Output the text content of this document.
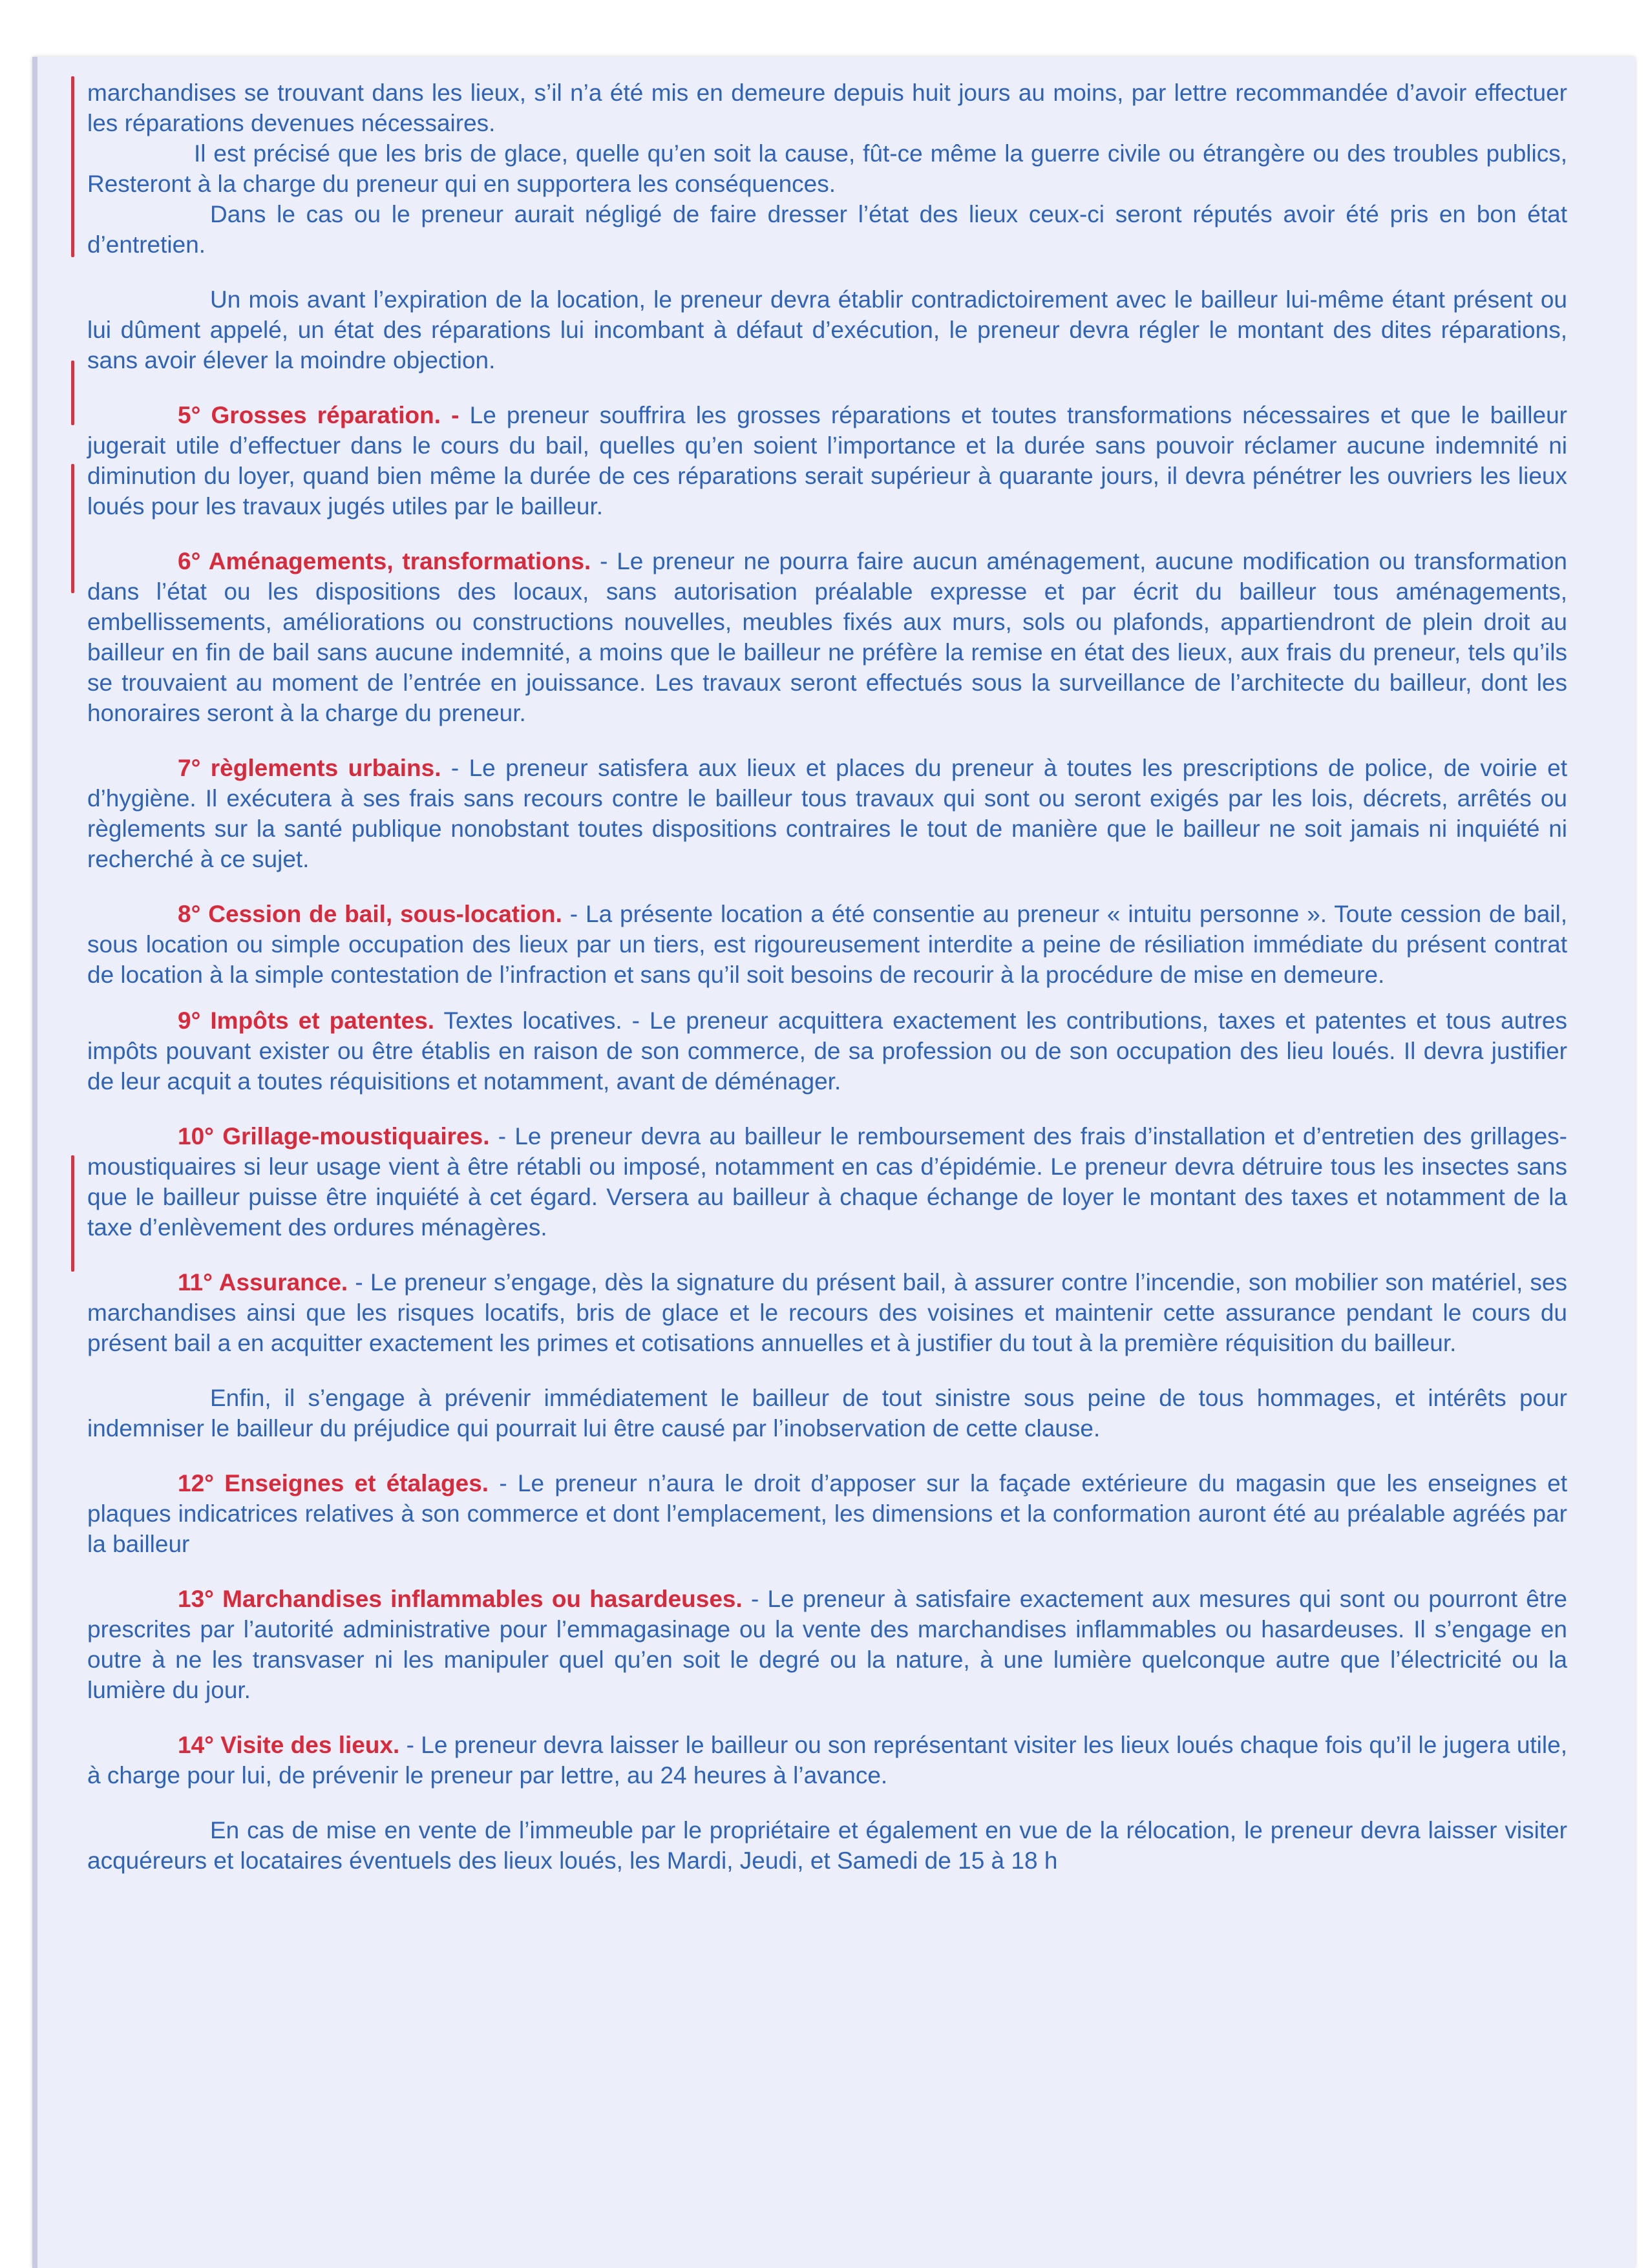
marchandises se trouvant dans les lieux, s’il n’a été mis en demeure depuis huit jours au moins, par lettre recommandée d’avoir effectuer les réparations devenues nécessaires.

Il est précisé que les bris de glace, quelle qu’en soit la cause, fût-ce même la guerre civile ou étrangère ou des troubles publics, Resteront à la charge du preneur qui en supportera les conséquences.

Dans le cas ou le preneur aurait négligé de faire dresser l’état des lieux ceux-ci seront réputés avoir été pris en bon état d’entretien.

Un mois avant l’expiration de la location, le preneur devra établir contradictoirement avec le bailleur lui-même étant présent ou lui dûment appelé, un état des réparations lui incombant à défaut d’exécution, le preneur devra régler le montant des dites réparations, sans avoir élever la moindre objection.

5° Grosses réparation. - Le preneur souffrira les grosses réparations et toutes transformations nécessaires et que le bailleur jugerait utile d’effectuer dans le cours du bail, quelles qu’en soient l’importance et la durée sans pouvoir réclamer aucune indemnité ni diminution du loyer, quand bien même la durée de ces réparations serait supérieur à quarante jours, il devra pénétrer les ouvriers les lieux loués pour les travaux jugés utiles par le bailleur.

6° Aménagements, transformations. - Le preneur ne pourra faire aucun aménagement, aucune modification ou transformation dans l’état ou les dispositions des locaux, sans autorisation préalable expresse et par écrit du bailleur tous aménagements, embellissements, améliorations ou constructions nouvelles, meubles fixés aux murs, sols ou plafonds, appartiendront de plein droit au bailleur en fin de bail sans aucune indemnité, a moins que le bailleur ne préfère la remise en état des lieux, aux frais du preneur, tels qu’ils se trouvaient au moment de l’entrée en jouissance. Les travaux seront effectués sous la surveillance de l’architecte du bailleur, dont les honoraires seront à la charge du preneur.

7° règlements urbains. - Le preneur satisfera aux lieux et places du preneur à toutes les prescriptions de police, de voirie et d’hygiène. Il exécutera à ses frais sans recours contre le bailleur tous travaux qui sont ou seront exigés par les lois, décrets, arrêtés ou règlements sur la santé publique nonobstant toutes dispositions contraires le tout de manière que le bailleur ne soit jamais ni inquiété ni recherché à ce sujet.

8° Cession de bail, sous-location. - La présente location a été consentie au preneur « intuitu personne ». Toute cession de bail, sous location ou simple occupation des lieux par un tiers, est rigoureusement interdite a peine de résiliation immédiate du présent contrat de location à la simple contestation de l’infraction et sans qu’il soit besoins de recourir à la procédure de mise en demeure.

9° Impôts et patentes. Textes locatives. - Le preneur acquittera exactement les contributions, taxes et patentes et tous autres impôts pouvant exister ou être établis en raison de son commerce, de sa profession ou de son occupation des lieu loués. Il devra justifier de leur acquit a toutes réquisitions et notamment, avant de déménager.

10° Grillage-moustiquaires. - Le preneur devra au bailleur le remboursement des frais d’installation et d’entretien des grillages-moustiquaires si leur usage vient à être rétabli ou imposé, notamment en cas d’épidémie. Le preneur devra détruire tous les insectes sans que le bailleur puisse être inquiété à cet égard. Versera au bailleur à chaque échange de loyer le montant des taxes et notamment de la taxe d’enlèvement des ordures ménagères.

11° Assurance. - Le preneur s’engage, dès la signature du présent bail, à assurer contre l’incendie, son mobilier son matériel, ses marchandises ainsi que les risques locatifs, bris de glace et le recours des voisines et maintenir cette assurance pendant le cours du présent bail a en acquitter exactement les primes et cotisations annuelles et à justifier du tout à la première réquisition du bailleur.

Enfin, il s’engage à prévenir immédiatement le bailleur de tout sinistre sous peine de tous hommages, et intérêts pour indemniser le bailleur du préjudice qui pourrait lui être causé par l’inobservation de cette clause.

12° Enseignes et étalages. - Le preneur n’aura le droit d’apposer sur la façade extérieure du magasin que les enseignes et plaques indicatrices relatives à son commerce et dont l’emplacement, les dimensions et la conformation auront été au préalable agréés par la bailleur

13° Marchandises inflammables ou hasardeuses. - Le preneur à satisfaire exactement aux mesures qui sont ou pourront être prescrites par l’autorité administrative pour l’emmagasinage ou la vente des marchandises inflammables ou hasardeuses. Il s’engage en outre à ne les transvaser ni les manipuler quel qu’en soit le degré ou la nature, à une lumière quelconque autre que l’électricité ou la lumière du jour.

14° Visite des lieux. - Le preneur devra laisser le bailleur ou son représentant visiter les lieux loués chaque fois qu’il le jugera utile, à charge pour lui, de prévenir le preneur par lettre, au 24 heures à l’avance.

En cas de mise en vente de l’immeuble par le propriétaire et également en vue de la rélocation, le preneur devra laisser visiter acquéreurs et locataires éventuels des lieux loués, les Mardi, Jeudi, et Samedi de 15 à 18 h
